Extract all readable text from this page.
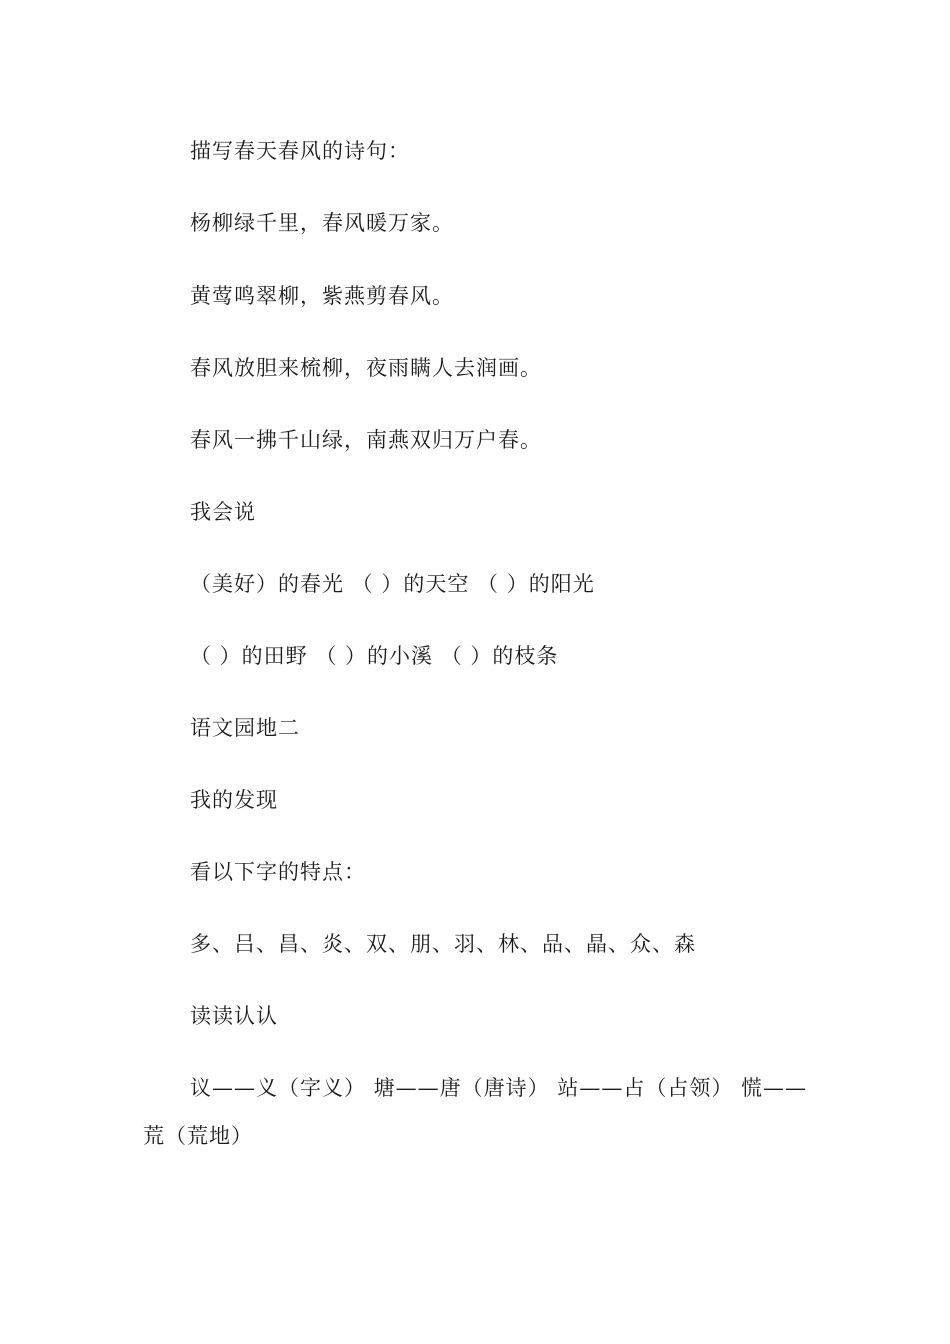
描写春天春风的诗句：
杨柳绿千里，春风暖万家。
黄莺鸣翠柳，紫燕剪春风。
春风放胆来梳柳，夜雨瞒人去润画。
春风一拂千山绿，南燕双归万户春。
我会说
（美好）的春光 （ ）的天空 （ ）的阳光
（ ）的田野 （ ）的小溪 （ ）的枝条
语文园地二
我的发现
看以下字的特点：
多、吕、昌、炎、双、朋、羽、林、品、晶、众、森
读读认认
议——义（字义） 塘——唐（唐诗） 站——占（占领） 慌——荒（荒地）
